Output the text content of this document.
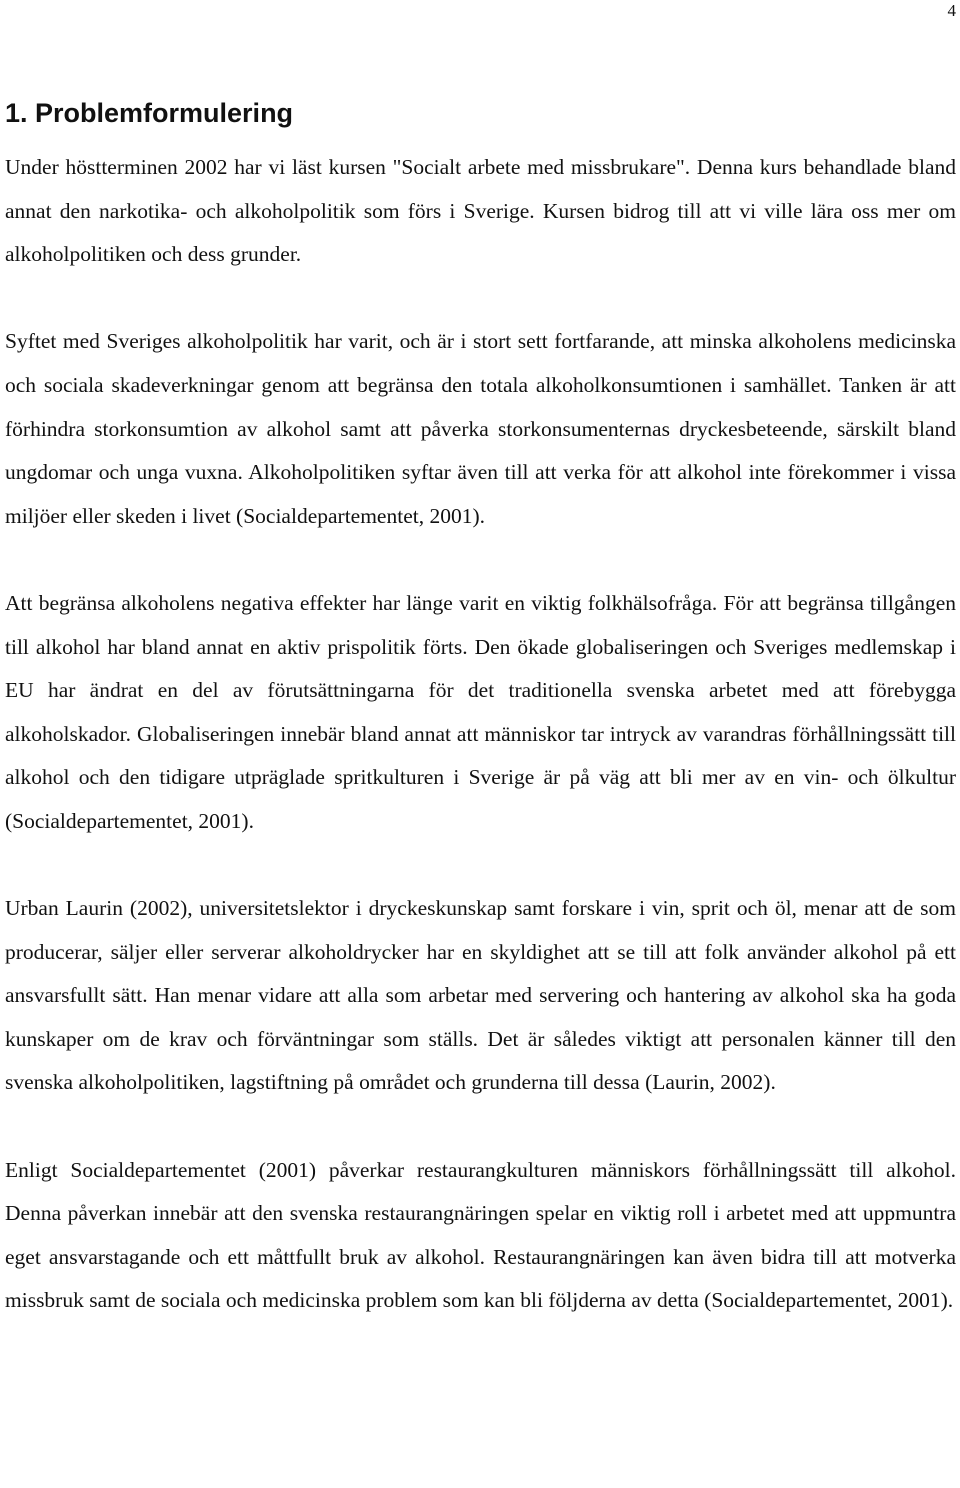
4

1. Problemformulering

Under höstterminen 2002 har vi läst kursen "Socialt arbete med missbrukare". Denna kurs behandlade bland annat den narkotika- och alkoholpolitik som förs i Sverige. Kursen bidrog till att vi ville lära oss mer om alkoholpolitiken och dess grunder.

Syftet med Sveriges alkoholpolitik har varit, och är i stort sett fortfarande, att minska alkoholens medicinska och sociala skadeverkningar genom att begränsa den totala alkoholkonsumtionen i samhället. Tanken är att förhindra storkonsumtion av alkohol samt att påverka storkonsumenternas dryckesbeteende, särskilt bland ungdomar och unga vuxna. Alkoholpolitiken syftar även till att verka för att alkohol inte förekommer i vissa miljöer eller skeden i livet (Socialdepartementet, 2001).

Att begränsa alkoholens negativa effekter har länge varit en viktig folkhälsofråga. För att begränsa tillgången till alkohol har bland annat en aktiv prispolitik förts. Den ökade globaliseringen och Sveriges medlemskap i EU har ändrat en del av förutsättningarna för det traditionella svenska arbetet med att förebygga alkoholskador. Globaliseringen innebär bland annat att människor tar intryck av varandras förhållningssätt till alkohol och den tidigare utpräglade spritkulturen i Sverige är på väg att bli mer av en vin- och ölkultur (Socialdepartementet, 2001).

Urban Laurin (2002), universitetslektor i dryckeskunskap samt forskare i vin, sprit och öl, menar att de som producerar, säljer eller serverar alkoholdrycker har en skyldighet att se till att folk använder alkohol på ett ansvarsfullt sätt. Han menar vidare att alla som arbetar med servering och hantering av alkohol ska ha goda kunskaper om de krav och förväntningar som ställs. Det är således viktigt att personalen känner till den svenska alkoholpolitiken, lagstiftning på området och grunderna till dessa (Laurin, 2002).

Enligt Socialdepartementet (2001) påverkar restaurangkulturen människors förhållningssätt till alkohol. Denna påverkan innebär att den svenska restaurangnäringen spelar en viktig roll i arbetet med att uppmuntra eget ansvarstagande och ett måttfullt bruk av alkohol. Restaurangnäringen kan även bidra till att motverka missbruk samt de sociala och medicinska problem som kan bli följderna av detta (Socialdepartementet, 2001).
